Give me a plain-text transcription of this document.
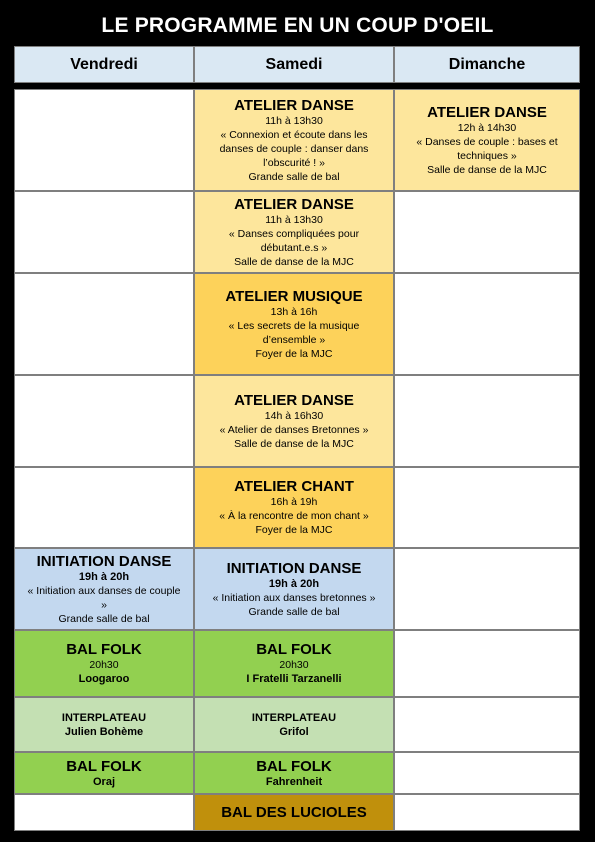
LE PROGRAMME EN UN COUP D'OEIL
Vendredi	Samedi	Dimanche
INITIATION DANSE
19h à 20h
« Initiation aux danses de couple
»
Grande salle de bal
BAL FOLK
20h30
Loogaroo
INTERPLATEAU
Julien Bohème
BAL FOLK
Oraj
ATELIER DANSE
11h à 13h30
« Connexion et écoute dans les
danses de couple : danser dans
l’obscurité ! »
Grande salle de bal
ATELIER DANSE
11h à 13h30
« Danses compliquées pour
débutant.e.s »
Salle de danse de la MJC
ATELIER MUSIQUE
13h à 16h
« Les secrets de la musique
d’ensemble »
Foyer de la MJC
ATELIER DANSE
14h à 16h30
« Atelier de danses Bretonnes »
Salle de danse de la MJC
ATELIER CHANT
16h à 19h
« À la rencontre de mon chant »
Foyer de la MJC
INITIATION DANSE
19h à 20h
« Initiation aux danses bretonnes »
Grande salle de bal
BAL FOLK
20h30
I Fratelli Tarzanelli
INTERPLATEAU
Grifol
BAL FOLK
Fahrenheit
BAL DES LUCIOLES
ATELIER DANSE
12h à 14h30
« Danses de couple : bases et
techniques »
Salle de danse de la MJC
